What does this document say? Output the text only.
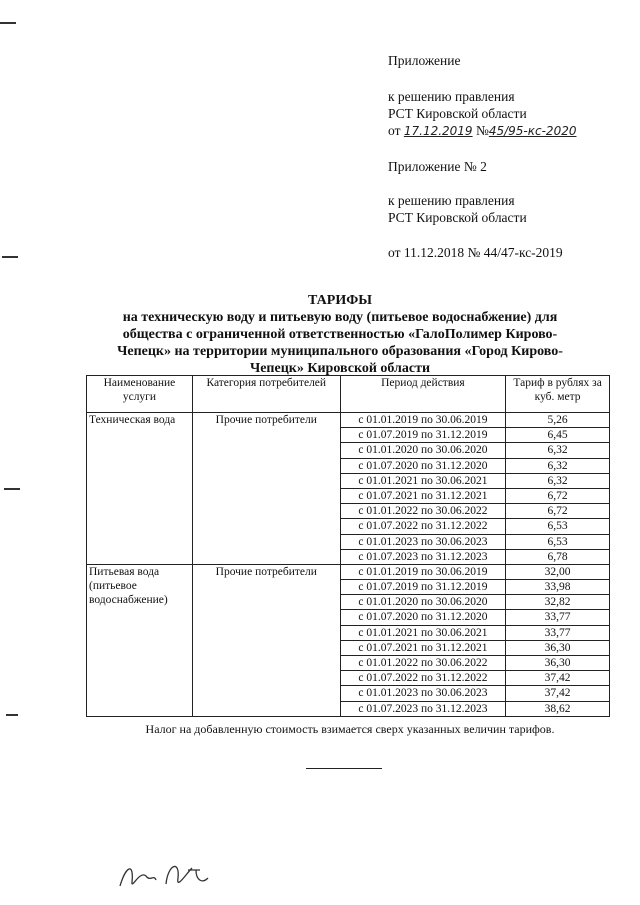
Приложение
к решению правления
РСТ Кировской области
от 17.12.2019 №45/95-кс-2020
Приложение № 2
к решению правления
РСТ Кировской области
от 11.12.2018 № 44/47-кс-2019
ТАРИФЫ
на техническую воду и питьевую воду (питьевое водоснабжение) для
общества с ограниченной ответственностью «ГалоПолимер Кирово-
Чепецк» на территории муниципального образования «Город Кирово-
Чепецк» Кировской области
Наименование услуги	Категория потребителей	Период действия	Тариф в рублях за куб. метр
Техническая вода	Прочие потребители	с 01.01.2019 по 30.06.2019	5,26
		с 01.07.2019 по 31.12.2019	6,45
		с 01.01.2020 по 30.06.2020	6,32
		с 01.07.2020 по 31.12.2020	6,32
		с 01.01.2021 по 30.06.2021	6,32
		с 01.07.2021 по 31.12.2021	6,72
		с 01.01.2022 по 30.06.2022	6,72
		с 01.07.2022 по 31.12.2022	6,53
		с 01.01.2023 по 30.06.2023	6,53
		с 01.07.2023 по 31.12.2023	6,78
Питьевая вода (питьевое водоснабжение)	Прочие потребители	с 01.01.2019 по 30.06.2019	32,00
		с 01.07.2019 по 31.12.2019	33,98
		с 01.01.2020 по 30.06.2020	32,82
		с 01.07.2020 по 31.12.2020	33,77
		с 01.01.2021 по 30.06.2021	33,77
		с 01.07.2021 по 31.12.2021	36,30
		с 01.01.2022 по 30.06.2022	36,30
		с 01.07.2022 по 31.12.2022	37,42
		с 01.01.2023 по 30.06.2023	37,42
		с 01.07.2023 по 31.12.2023	38,62
Налог на добавленную стоимость взимается сверх указанных величин тарифов.
